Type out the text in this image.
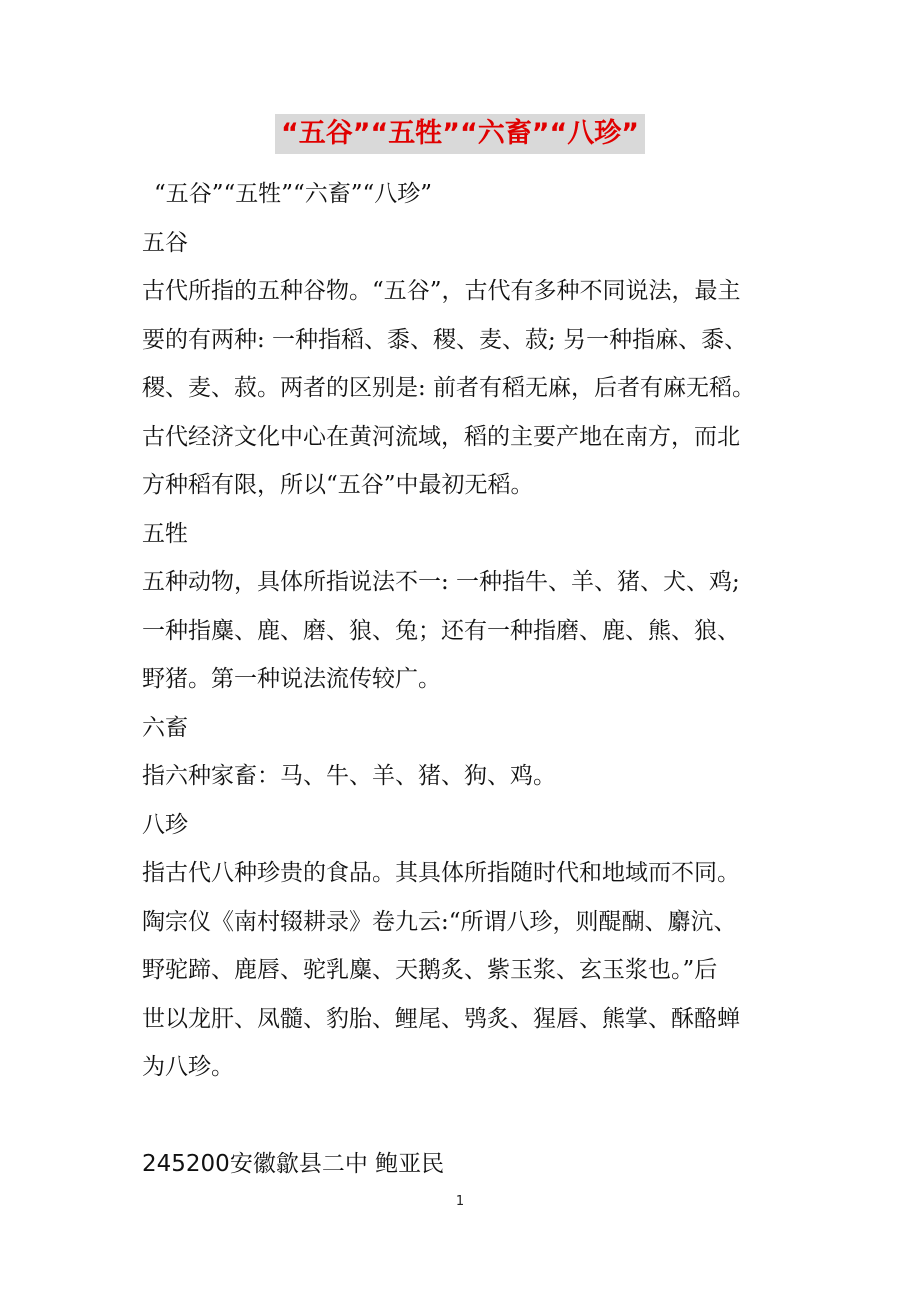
“五谷”“五牲”“六畜”“八珍”

“五谷”“五牲”“六畜”“八珍”

五谷

古代所指的五种谷物。“五谷”，古代有多种不同说法，最主

要的有两种: 一种指稻、黍、稷、麦、菽; 另一种指麻、黍、

稷、麦、菽。两者的区别是: 前者有稻无麻，后者有麻无稻。

古代经济文化中心在黄河流域，稻的主要产地在南方，而北

方种稻有限，所以“五谷”中最初无稻。

五牲

五种动物，具体所指说法不一: 一种指牛、羊、猪、犬、鸡;

一种指麋、鹿、磨、狼、兔；还有一种指磨、鹿、熊、狼、

野猪。第一种说法流传较广。

六畜

指六种家畜：马、牛、羊、猪、狗、鸡。

八珍

指古代八种珍贵的食品。其具体所指随时代和地域而不同。

陶宗仪《南村辍耕录》卷九云:“所谓八珍，则醍醐、麝沆、

野驼蹄、鹿唇、驼乳麋、天鹅炙、紫玉浆、玄玉浆也。”后

世以龙肝、凤髓、豹胎、鲤尾、鸮炙、猩唇、熊掌、酥酪蝉

为八珍。

245200安徽歙县二中 鲍亚民
1
